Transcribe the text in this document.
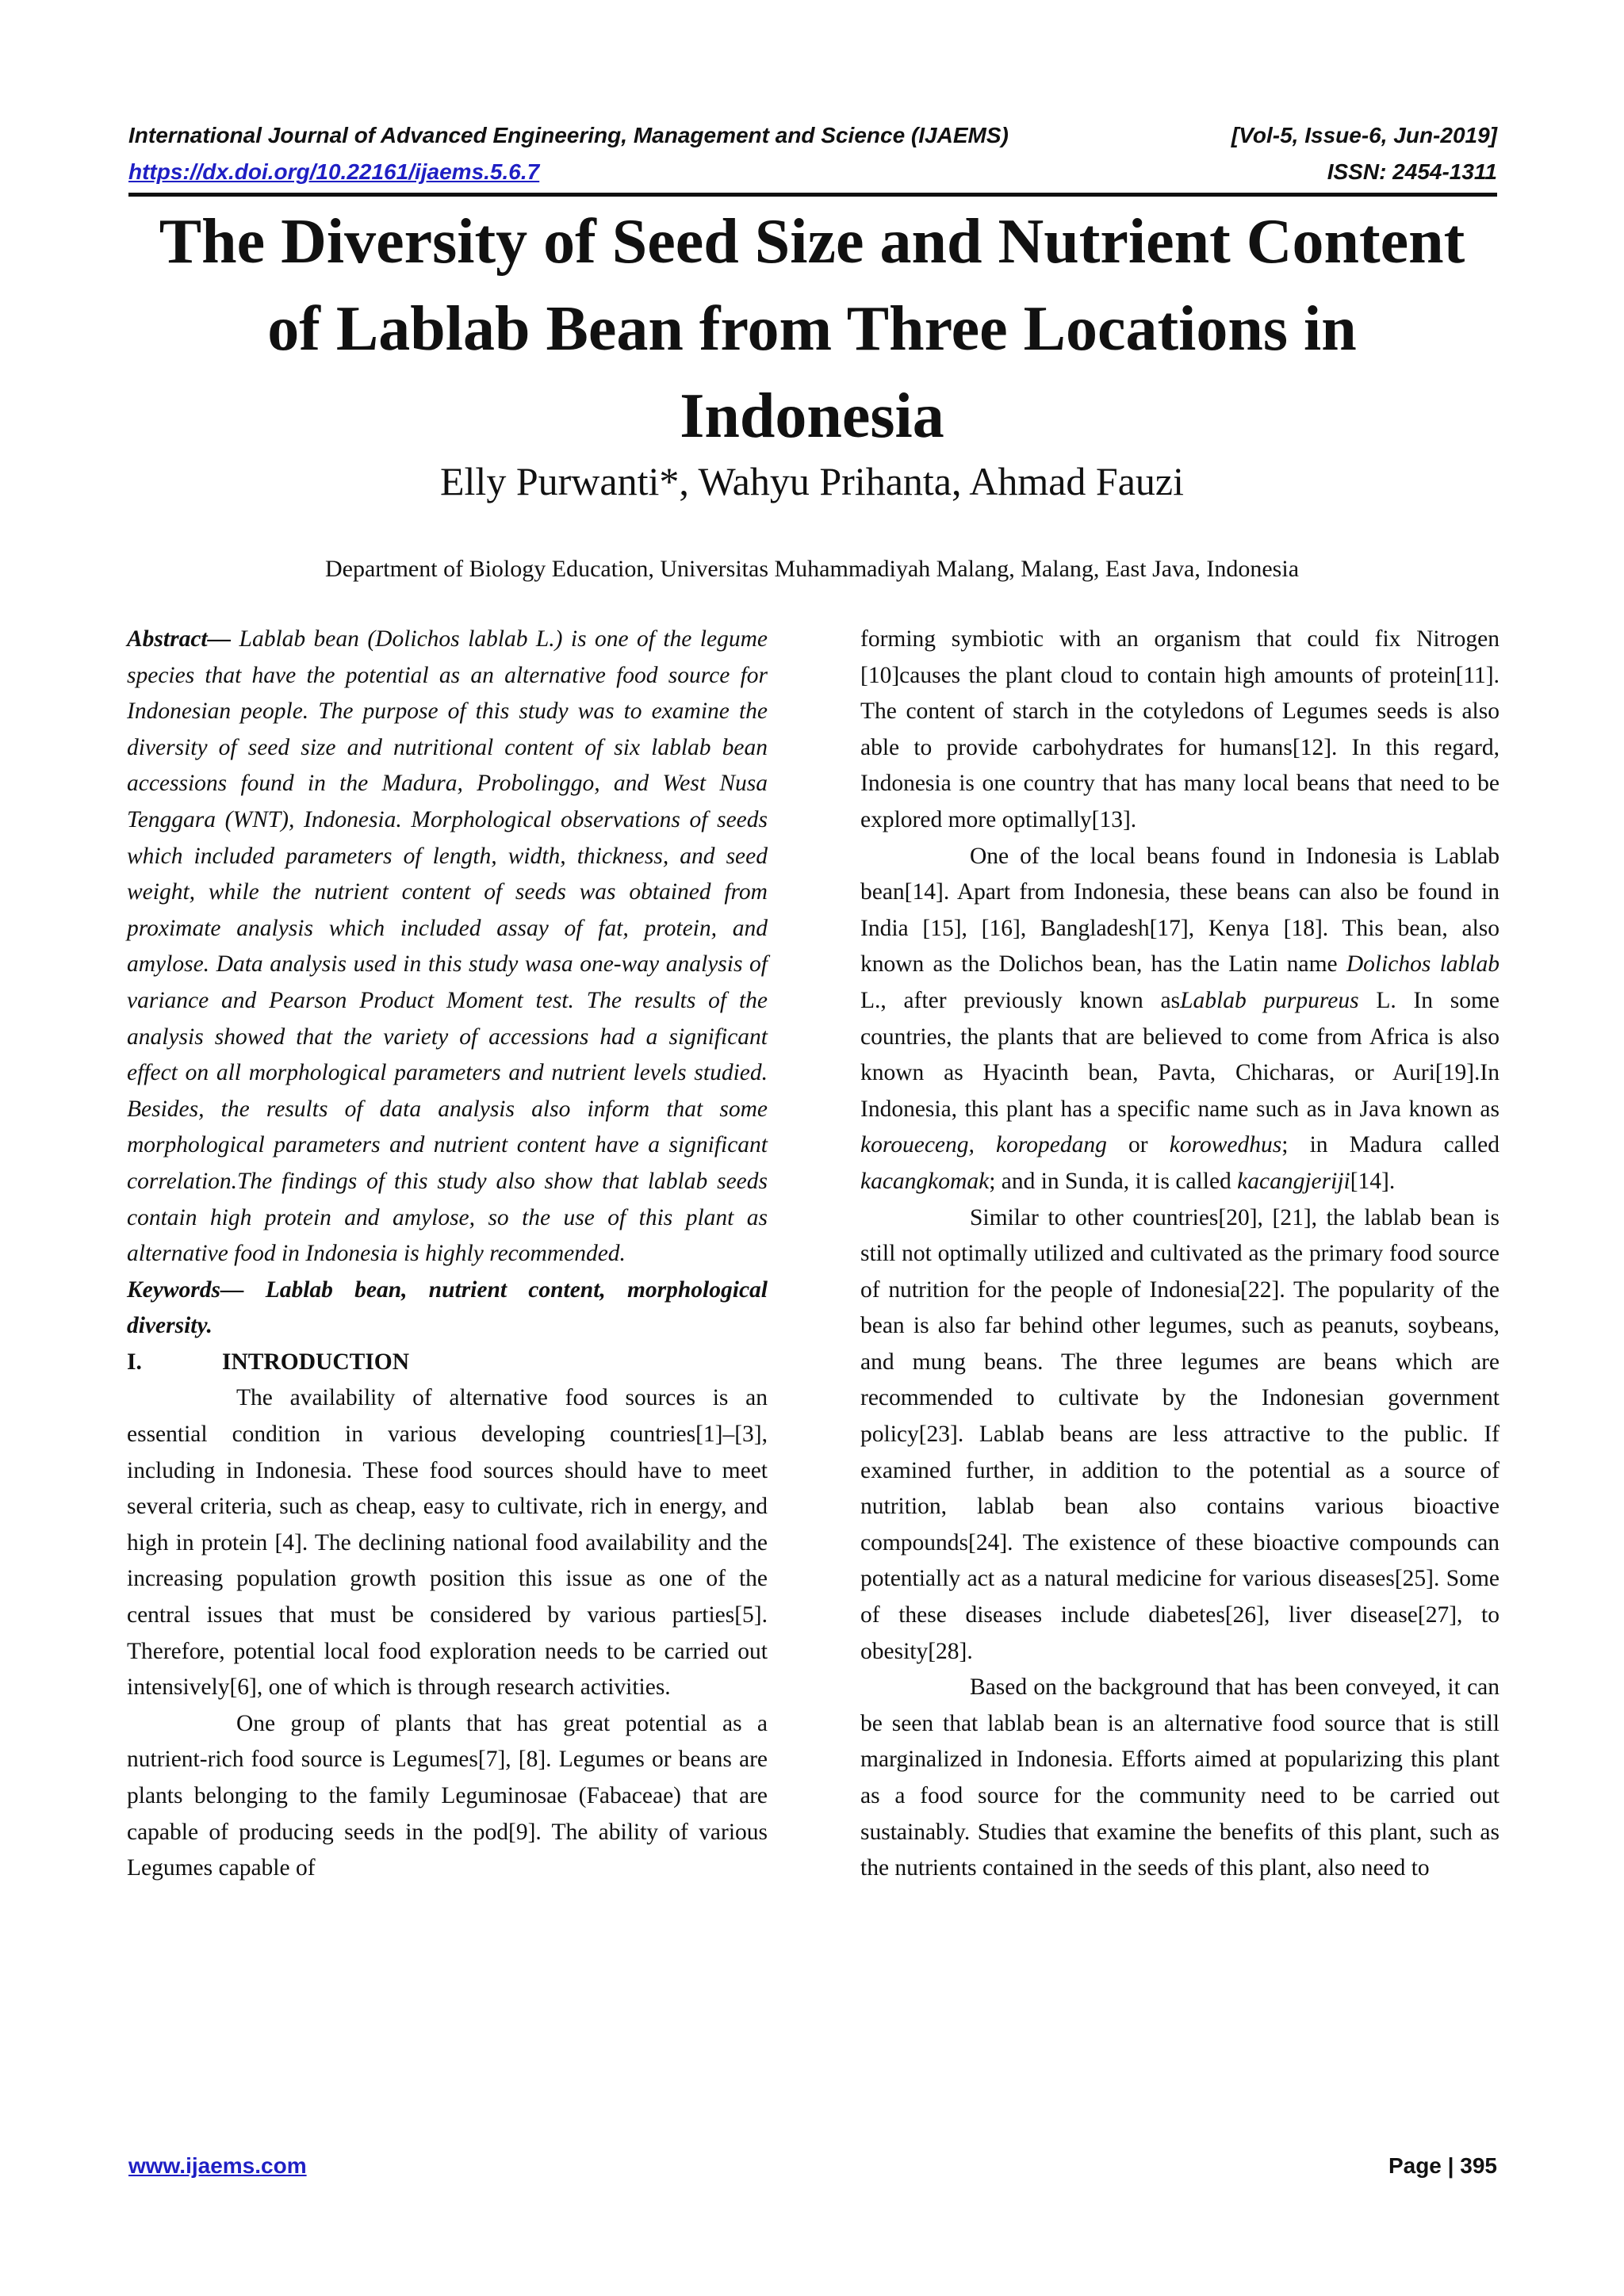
International Journal of Advanced Engineering, Management and Science (IJAEMS)	[Vol-5, Issue-6, Jun-2019]
https://dx.doi.org/10.22161/ijaems.5.6.7	ISSN: 2454-1311
The Diversity of Seed Size and Nutrient Content
of Lablab Bean from Three Locations in
Indonesia
Elly Purwanti*, Wahyu Prihanta, Ahmad Fauzi
Department of Biology Education, Universitas Muhammadiyah Malang, Malang, East Java, Indonesia

Abstract— Lablab bean (Dolichos lablab L.) is one of the legume species that have the potential as an alternative food source for Indonesian people. The purpose of this study was to examine the diversity of seed size and nutritional content of six lablab bean accessions found in the Madura, Probolinggo, and West Nusa Tenggara (WNT), Indonesia. Morphological observations of seeds which included parameters of length, width, thickness, and seed weight, while the nutrient content of seeds was obtained from proximate analysis which included assay of fat, protein, and amylose. Data analysis used in this study wasa one-way analysis of variance and Pearson Product Moment test. The results of the analysis showed that the variety of accessions had a significant effect on all morphological parameters and nutrient levels studied. Besides, the results of data analysis also inform that some morphological parameters and nutrient content have a significant correlation.The findings of this study also show that lablab seeds contain high protein and amylose, so the use of this plant as alternative food in Indonesia is highly recommended.

Keywords— Lablab bean, nutrient content, morphological diversity.

I.	INTRODUCTION

The availability of alternative food sources is an essential condition in various developing countries[1]–[3], including in Indonesia. These food sources should have to meet several criteria, such as cheap, easy to cultivate, rich in energy, and high in protein [4]. The declining national food availability and the increasing population growth position this issue as one of the central issues that must be considered by various parties[5]. Therefore, potential local food exploration needs to be carried out intensively[6], one of which is through research activities.

One group of plants that has great potential as a nutrient-rich food source is Legumes[7], [8]. Legumes or beans are plants belonging to the family Leguminosae (Fabaceae) that are capable of producing seeds in the pod[9]. The ability of various Legumes capable of

forming symbiotic with an organism that could fix Nitrogen [10]causes the plant cloud to contain high amounts of protein[11]. The content of starch in the cotyledons of Legumes seeds is also able to provide carbohydrates for humans[12]. In this regard, Indonesia is one country that has many local beans that need to be explored more optimally[13].

One of the local beans found in Indonesia is Lablab bean[14]. Apart from Indonesia, these beans can also be found in India [15], [16], Bangladesh[17], Kenya [18]. This bean, also known as the Dolichos bean, has the Latin name Dolichos lablab L., after previously known asLablab purpureus L. In some countries, the plants that are believed to come from Africa is also known as Hyacinth bean, Pavta, Chicharas, or Auri[19].In Indonesia, this plant has a specific name such as in Java known as koroueceng, koropedang or korowedhus; in Madura called kacangkomak; and in Sunda, it is called kacangjeriji[14].

Similar to other countries[20], [21], the lablab bean is still not optimally utilized and cultivated as the primary food source of nutrition for the people of Indonesia[22]. The popularity of the bean is also far behind other legumes, such as peanuts, soybeans, and mung beans. The three legumes are beans which are recommended to cultivate by the Indonesian government policy[23]. Lablab beans are less attractive to the public. If examined further, in addition to the potential as a source of nutrition, lablab bean also contains various bioactive compounds[24]. The existence of these bioactive compounds can potentially act as a natural medicine for various diseases[25]. Some of these diseases include diabetes[26], liver disease[27], to obesity[28].

Based on the background that has been conveyed, it can be seen that lablab bean is an alternative food source that is still marginalized in Indonesia. Efforts aimed at popularizing this plant as a food source for the community need to be carried out sustainably. Studies that examine the benefits of this plant, such as the nutrients contained in the seeds of this plant, also need to

www.ijaems.com	Page | 395
